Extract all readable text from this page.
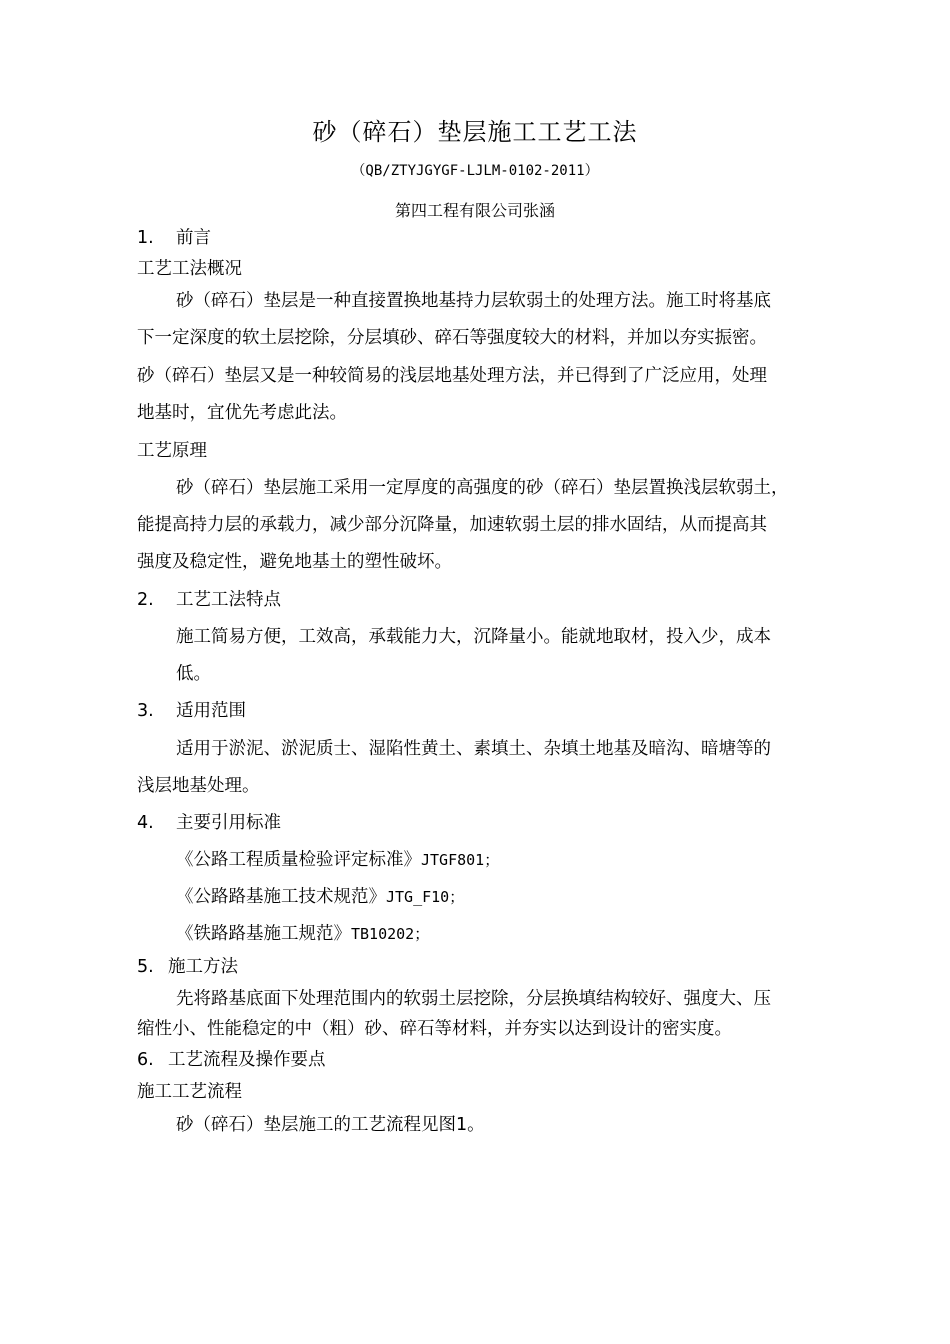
砂（碎石）垫层施工工艺工法
（QB/ZTYJGYGF-LJLM-0102-2011）
第四工程有限公司张涵
1. 前言
工艺工法概况
砂（碎石）垫层是一种直接置换地基持力层软弱土的处理方法。施工时将基底
下一定深度的软土层挖除，分层填砂、碎石等强度较大的材料，并加以夯实振密。
砂（碎石）垫层又是一种较简易的浅层地基处理方法，并已得到了广泛应用，处理
地基时，宜优先考虑此法。
工艺原理
砂（碎石）垫层施工采用一定厚度的高强度的砂（碎石）垫层置换浅层软弱土，
能提高持力层的承载力，减少部分沉降量，加速软弱土层的排水固结，从而提高其
强度及稳定性，避免地基土的塑性破坏。
2. 工艺工法特点
施工简易方便，工效高，承载能力大，沉降量小。能就地取材，投入少，成本
低。
3. 适用范围
适用于淤泥、淤泥质士、湿陷性黄土、素填土、杂填土地基及暗沟、暗塘等的
浅层地基处理。
4. 主要引用标准
《公路工程质量检验评定标准》JTGF801；
《公路路基施工技术规范》JTG_F10；
《铁路路基施工规范》TB10202；
5. 施工方法
先将路基底面下处理范围内的软弱土层挖除，分层换填结构较好、强度大、压
缩性小、性能稳定的中（粗）砂、碎石等材料，并夯实以达到设计的密实度。
6. 工艺流程及操作要点
施工工艺流程
砂（碎石）垫层施工的工艺流程见图1。
